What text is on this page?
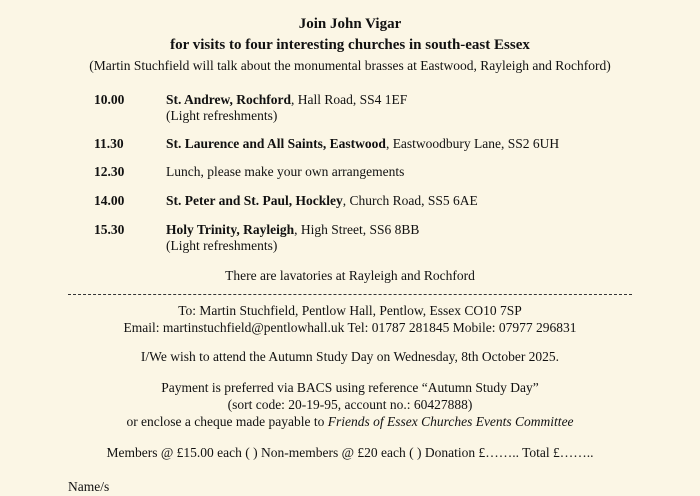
Join John Vigar
for visits to four interesting churches in south-east Essex
(Martin Stuchfield will talk about the monumental brasses at Eastwood, Rayleigh and Rochford)
10.00	St. Andrew, Rochford, Hall Road, SS4 1EF
(Light refreshments)
11.30	St. Laurence and All Saints, Eastwood, Eastwoodbury Lane, SS2 6UH
12.30	Lunch, please make your own arrangements
14.00	St. Peter and St. Paul, Hockley, Church Road, SS5 6AE
15.30	Holy Trinity, Rayleigh, High Street, SS6 8BB
(Light refreshments)
There are lavatories at Rayleigh and Rochford
To: Martin Stuchfield, Pentlow Hall, Pentlow, Essex CO10 7SP
Email: martinstuchfield@pentlowhall.uk Tel: 01787 281845 Mobile: 07977 296831
I/We wish to attend the Autumn Study Day on Wednesday, 8th October 2025.
Payment is preferred via BACS using reference “Autumn Study Day”
(sort code: 20-19-95, account no.: 60427888)
or enclose a cheque made payable to Friends of Essex Churches Events Committee
Members @ £15.00 each ( ) Non-members @ £20 each ( ) Donation £…….. Total £……..
Name/s
